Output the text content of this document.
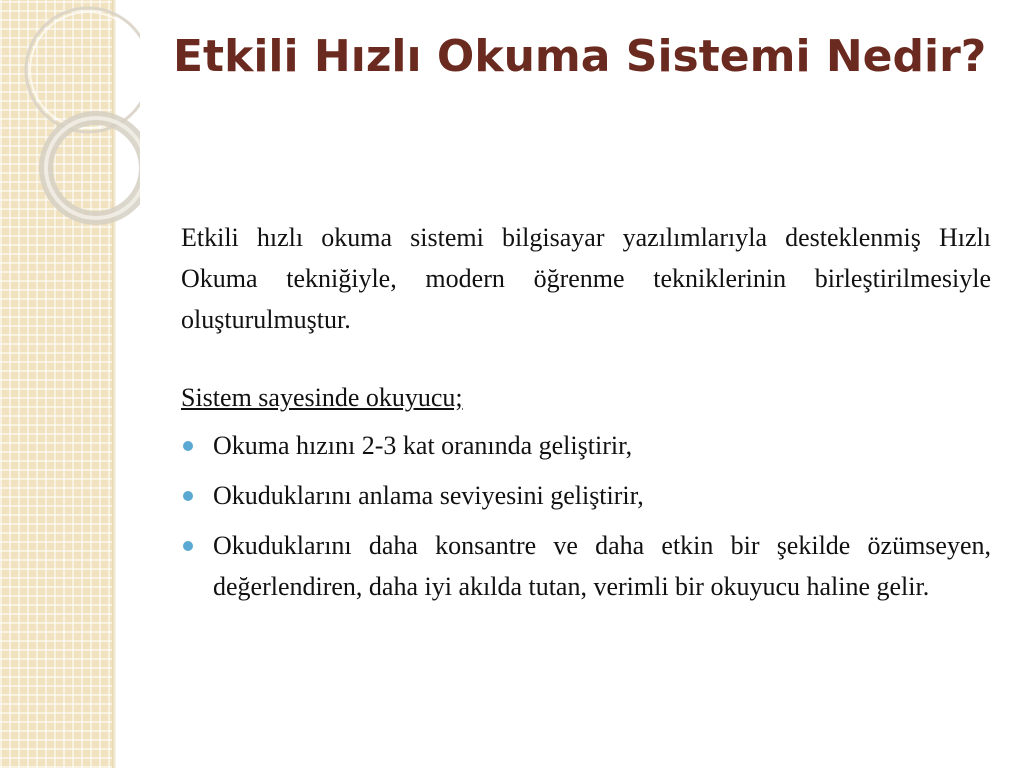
Etkili Hızlı Okuma Sistemi Nedir?

Etkili hızlı okuma sistemi bilgisayar yazılımlarıyla desteklenmiş Hızlı Okuma tekniğiyle, modern öğrenme tekniklerinin birleştirilmesiyle oluşturulmuştur.

Sistem sayesinde okuyucu;

Okuma hızını 2-3 kat oranında geliştirir,
Okuduklarını anlama seviyesini geliştirir,
Okuduklarını daha konsantre ve daha etkin bir şekilde özümseyen, değerlendiren, daha iyi akılda tutan, verimli bir okuyucu haline gelir.
